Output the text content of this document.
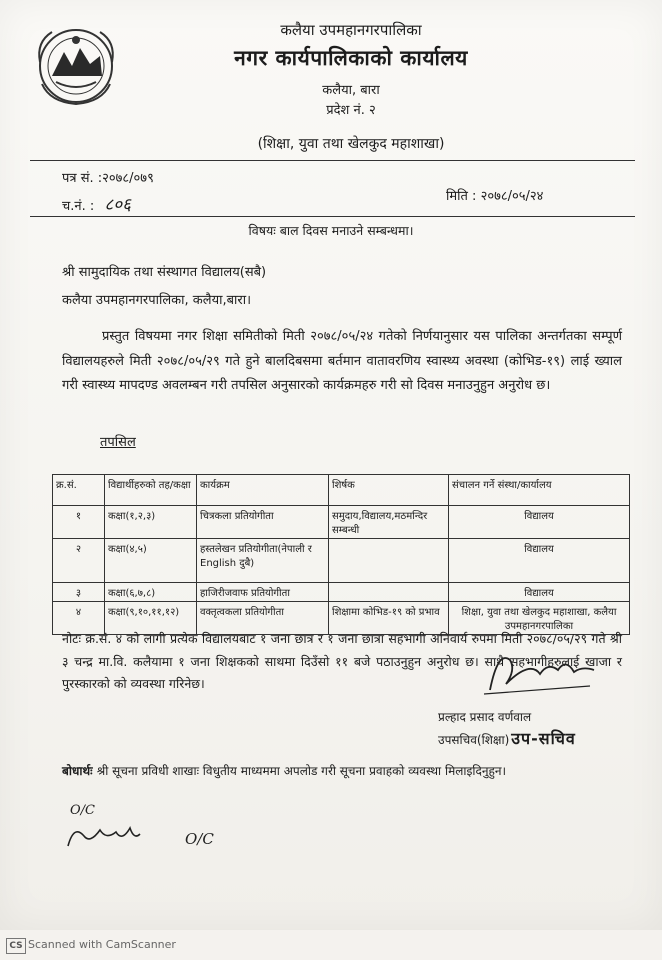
कलैया उपमहानगरपालिका
नगर कार्यपालिकाको कार्यालय
कलैया, बारा
प्रदेश नं. २
(शिक्षा, युवा तथा खेलकुद महाशाखा)
पत्र सं. :२०७८/०७९
च.नं. : ८०६	मिति : २०७८/०५/२४
विषयः बाल दिवस मनाउने सम्बन्धमा।
श्री सामुदायिक तथा संस्थागत विद्यालय(सबै)
कलैया उपमहानगरपालिका, कलैया,बारा।
प्रस्तुत विषयमा नगर शिक्षा समितीको मिती २०७८/०५/२४ गतेको निर्णयानुसार यस पालिका अन्तर्गतका सम्पूर्ण विद्यालयहरुले मिती २०७८/०५/२९ गते हुने बालदिबसमा बर्तमान वातावरणिय स्वास्थ्य अवस्था (कोभिड-१९) लाई ख्याल गरी स्वास्थ्य मापदण्ड अवलम्बन गरी तपसिल अनुसारको कार्यक्रमहरु गरी सो दिवस मनाउनुहुन अनुरोध छ।
तपसिल
क्र.सं.	विद्यार्थीहरुको तह/कक्षा	कार्यक्रम	शिर्षक	संचालन गर्ने संस्था/कार्यालय
१	कक्षा(१,२,३)	चित्रकला प्रतियोगीता	समुदाय,विद्यालय,मठमन्दिर सम्बन्धी	विद्यालय
२	कक्षा(४,५)	हस्तलेखन प्रतियोगीता(नेपाली र English दुबै)		विद्यालय
३	कक्षा(६,७,८)	हाजिरीजवाफ प्रतियोगीता		विद्यालय
४	कक्षा(९,१०,११,१२)	वक्तृत्वकला प्रतियोगीता	शिक्षामा कोभिड-१९ को प्रभाव	शिक्षा, युवा तथा खेलकुद महाशाखा, कलैया उपमहानगरपालिका
नोटः क्र.सं. ४ को लागी प्रत्येक विद्यालयबाट १ जना छात्र र १ जना छात्रा सहभागी अनिवार्य रुपमा मिती २०७८/०५/२९ गते श्री ३ चन्द्र मा.वि. कलैयामा १ जना शिक्षकको साथमा दिउँसो ११ बजे पठाउनुहुन अनुरोध छ। साथै सहभागीहरुलाई खाजा र पुरस्कारको को व्यवस्था गरिनेछ।
प्रल्हाद प्रसाद वर्णवाल
उपसचिव(शिक्षा) उप-सचिव
बोधार्थः श्री सूचना प्रविधी शाखाः विधुतीय माध्यममा अपलोड गरी सूचना प्रवाहको व्यवस्था मिलाइदिनुहुन।
O/C
O/C
CS Scanned with CamScanner
